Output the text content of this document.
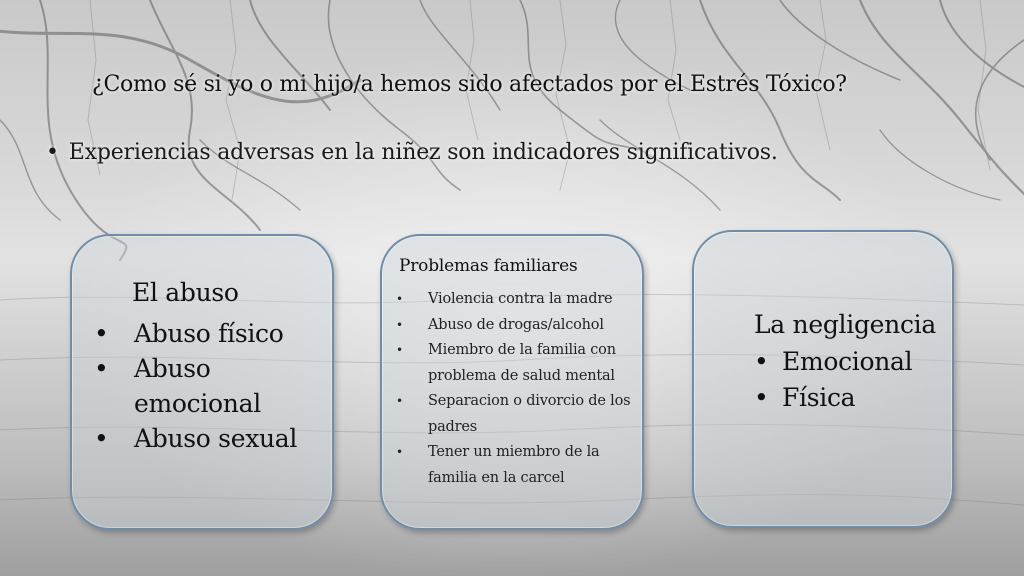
¿Como sé si yo o mi hijo/a hemos sido afectados por el Estrés Tóxico?
• Experiencias adversas en la niñez son indicadores significativos.
El abuso
• Abuso físico
• Abuso emocional
• Abuso sexual
Problemas familiares
• Violencia contra la madre
• Abuso de drogas/alcohol
• Miembro de la familia con problema de salud mental
• Separacion o divorcio de los padres
• Tener un miembro de la familia en la carcel
La negligencia
• Emocional
• Física
